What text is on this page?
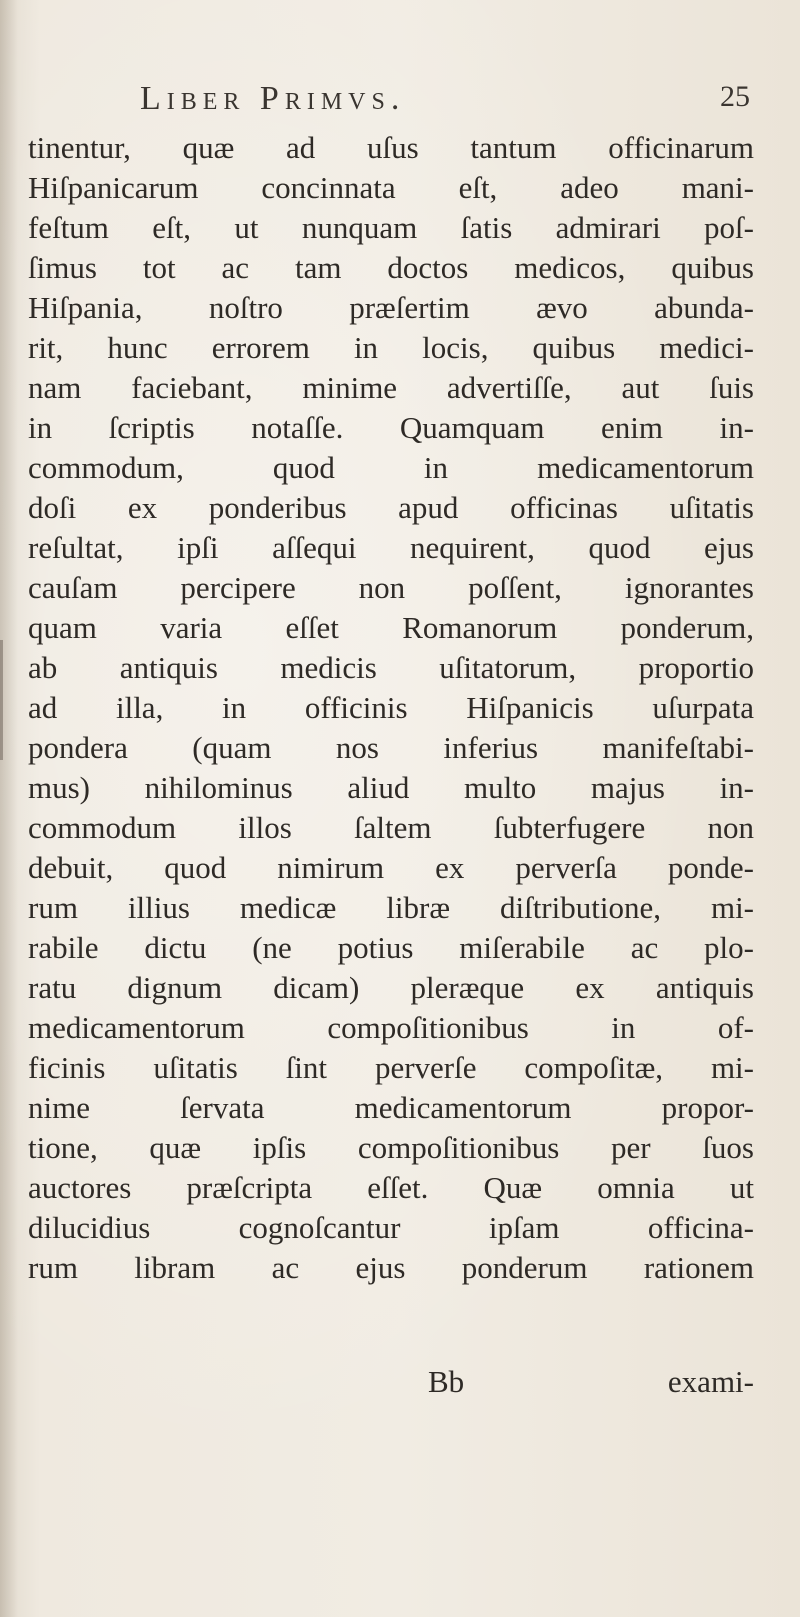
Liber Primvs.	25
tinentur, quæ ad uſus tantum officinarum
Hiſpanicarum concinnata eſt, adeo mani-
feſtum eſt, ut nunquam ſatis admirari poſ-
ſimus tot ac tam doctos medicos, quibus
Hiſpania, noſtro præſertim ævo abunda-
rit, hunc errorem in locis, quibus medici-
nam faciebant, minime advertiſſe, aut ſuis
in ſcriptis notaſſe. Quamquam enim in-
commodum, quod in medicamentorum
doſi ex ponderibus apud officinas uſitatis
reſultat, ipſi aſſequi nequirent, quod ejus
cauſam percipere non poſſent, ignorantes
quam varia eſſet Romanorum ponderum,
ab antiquis medicis uſitatorum, proportio
ad illa, in officinis Hiſpanicis uſurpata
pondera (quam nos inferius manifeſtabi-
mus) nihilominus aliud multo majus in-
commodum illos ſaltem ſubterfugere non
debuit, quod nimirum ex perverſa ponde-
rum illius medicæ libræ diſtributione, mi-
rabile dictu (ne potius miſerabile ac plo-
ratu dignum dicam) pleræque ex antiquis
medicamentorum compoſitionibus in of-
ficinis uſitatis ſint perverſe compoſitæ, mi-
nime ſervata medicamentorum propor-
tione, quæ ipſis compoſitionibus per ſuos
auctores præſcripta eſſet. Quæ omnia ut
dilucidius cognoſcantur ipſam officina-
rum libram ac ejus ponderum rationem
Bb	exami-
